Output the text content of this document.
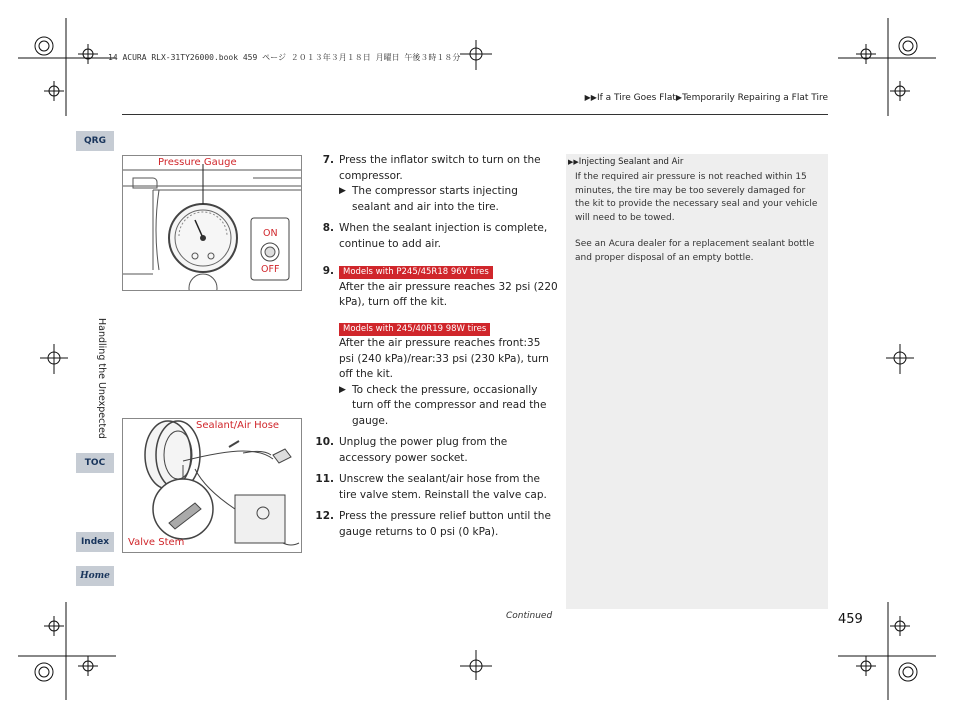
14 ACURA RLX-31TY26000.book 459 ページ ２０１３年３月１８日 月曜日 午後３時１８分
▶▶If a Tire Goes Flat▶Temporarily Repairing a Flat Tire
QRG
Handling the Unexpected
TOC
Index
Home
Pressure Gauge
ON
OFF
Sealant/Air Hose
Valve Stem
7. Press the inflator switch to turn on the compressor.
▶ The compressor starts injecting sealant and air into the tire.
8. When the sealant injection is complete, continue to add air.
9.	Models with P245/45R18 96V tires
After the air pressure reaches 32 psi (220 kPa), turn off the kit.
Models with 245/40R19 98W tires
After the air pressure reaches front:35 psi (240 kPa)/rear:33 psi (230 kPa), turn off the kit.
▶ To check the pressure, occasionally turn off the compressor and read the gauge.
10. Unplug the power plug from the accessory power socket.
11. Unscrew the sealant/air hose from the tire valve stem. Reinstall the valve cap.
12. Press the pressure relief button until the gauge returns to 0 psi (0 kPa).
▶▶Injecting Sealant and Air

If the required air pressure is not reached within 15 minutes, the tire may be too severely damaged for the kit to provide the necessary seal and your vehicle will need to be towed.

See an Acura dealer for a replacement sealant bottle and proper disposal of an empty bottle.

Continued	459
